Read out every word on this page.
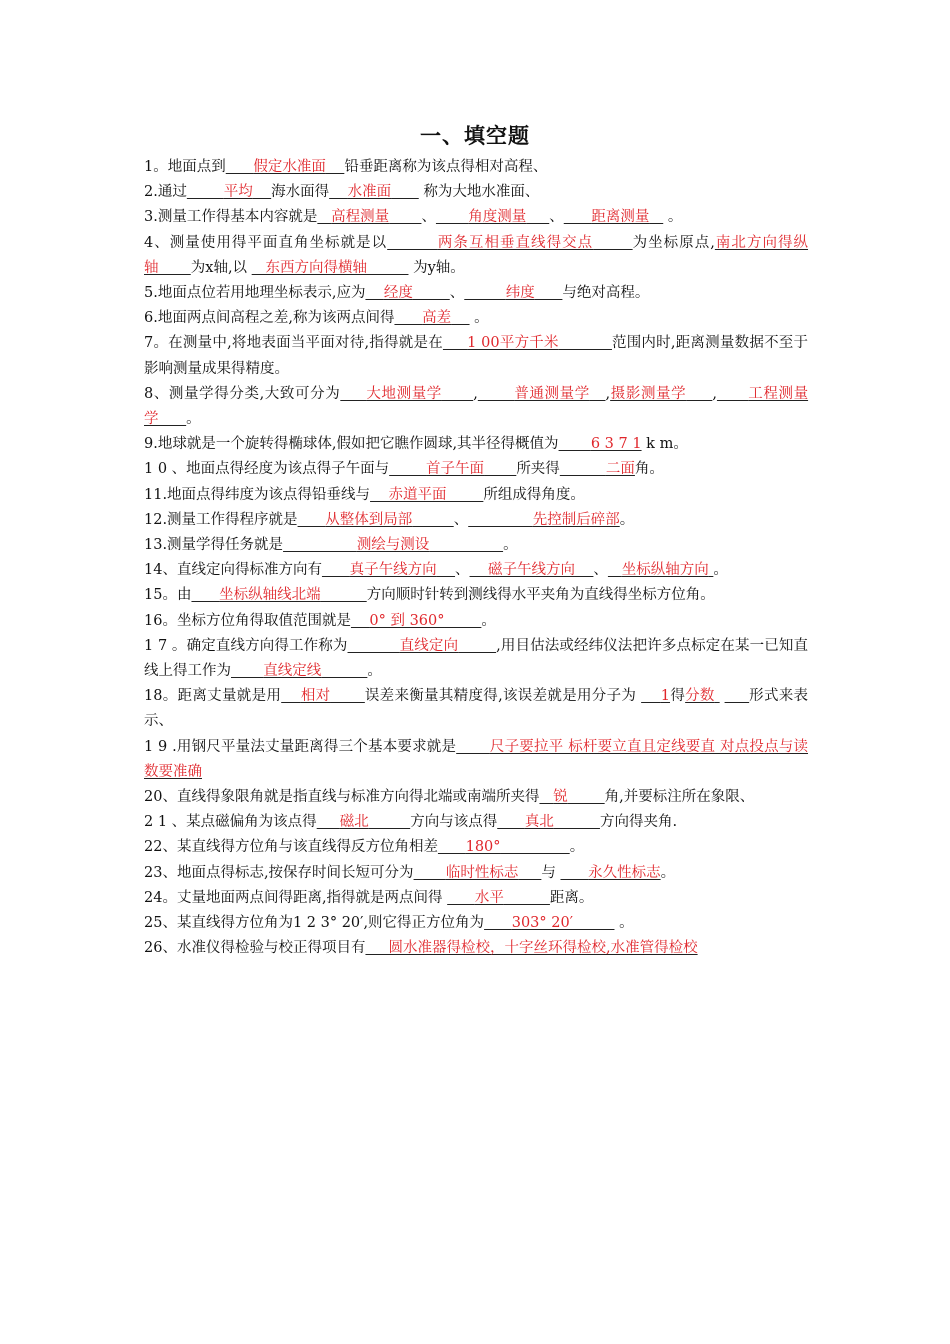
一、填空题

1。地面点到 假定水准面 铅垂距离称为该点得相对高程、

2.通过	平均 海水面得 水准面       称为大地水准面、

3.测量工作得基本内容就是 高程测量 、 角度测量 、 距离测量    。

4、测量使用得平面直角坐标就是以	两条互相垂直线得交点	为坐标原点,南北方向得纵轴 为x轴,以    东西方向得横轴	为y轴。

5.地面点位若用地理坐标表示,应为 经度	、	纬度 与绝对高程。

6.地面两点间高程之差,称为该两点间得 高差     。

7。在测量中,将地表面当平面对待,指得就是在 1 00平方千米	范围内时,距离测量数据不至于影响测量成果得精度。

8、测量学得分类,大致可分为 大地测量学 ,	普通测量学 ,摄影测量学 , 工程测量学 。

9.地球就是一个旋转得椭球体,假如把它瞧作圆球,其半径得概值为 6 3 7 1 k m。

1 0 、地面点得经度为该点得子午面与	首子午面 所夹得	二面角。

11.地面点得纬度为该点得铅垂线与 赤道平面	所组成得角度。

12.测量工作得程序就是 从整体到局部	、	先控制后碎部。

13.测量学得任务就是	测绘与测设	。

14、直线定向得标准方向有 真子午线方向 、 磁子午线方向 、 坐标纵轴方向 。

15。由 坐标纵轴线北端	方向顺时针转到测线得水平夹角为直线得坐标方位角。

16。坐标方位角得取值范围就是 0° 到 360°	。

1 7 。确定直线方向得工作称为	直线定向	,用目估法或经纬仪法把许多点标定在某一已知直线上得工作为 直线定线	。

18。距离丈量就是用 相对 误差来衡量其精度得,该误差就是用分子为     1得分数 形式来表示、

1 9 .用钢尺平量法丈量距离得三个基本要求就是 尺子要拉平 标杆要立直且定线要直 对点投点与读数要准确

20、直线得象限角就是指直线与标准方向得北端或南端所夹得 锐	角,并要标注所在象限、

2 1 、某点磁偏角为该点得 磁北	方向与该点得 真北	方向得夹角.

22、某直线得方位角与该直线得反方位角相差 180°	。

23、地面点得标志,按保存时间长短可分为 临时性标志 与       永久性标志。

24。丈量地面两点间得距离,指得就是两点间得       水平	距离。

25、某直线得方位角为1 2 3° 20′,则它得正方位角为 303° 20′	。

26、水准仪得检验与校正得项目有 圆水准器得检校，十字丝环得检校,水准管得检校
